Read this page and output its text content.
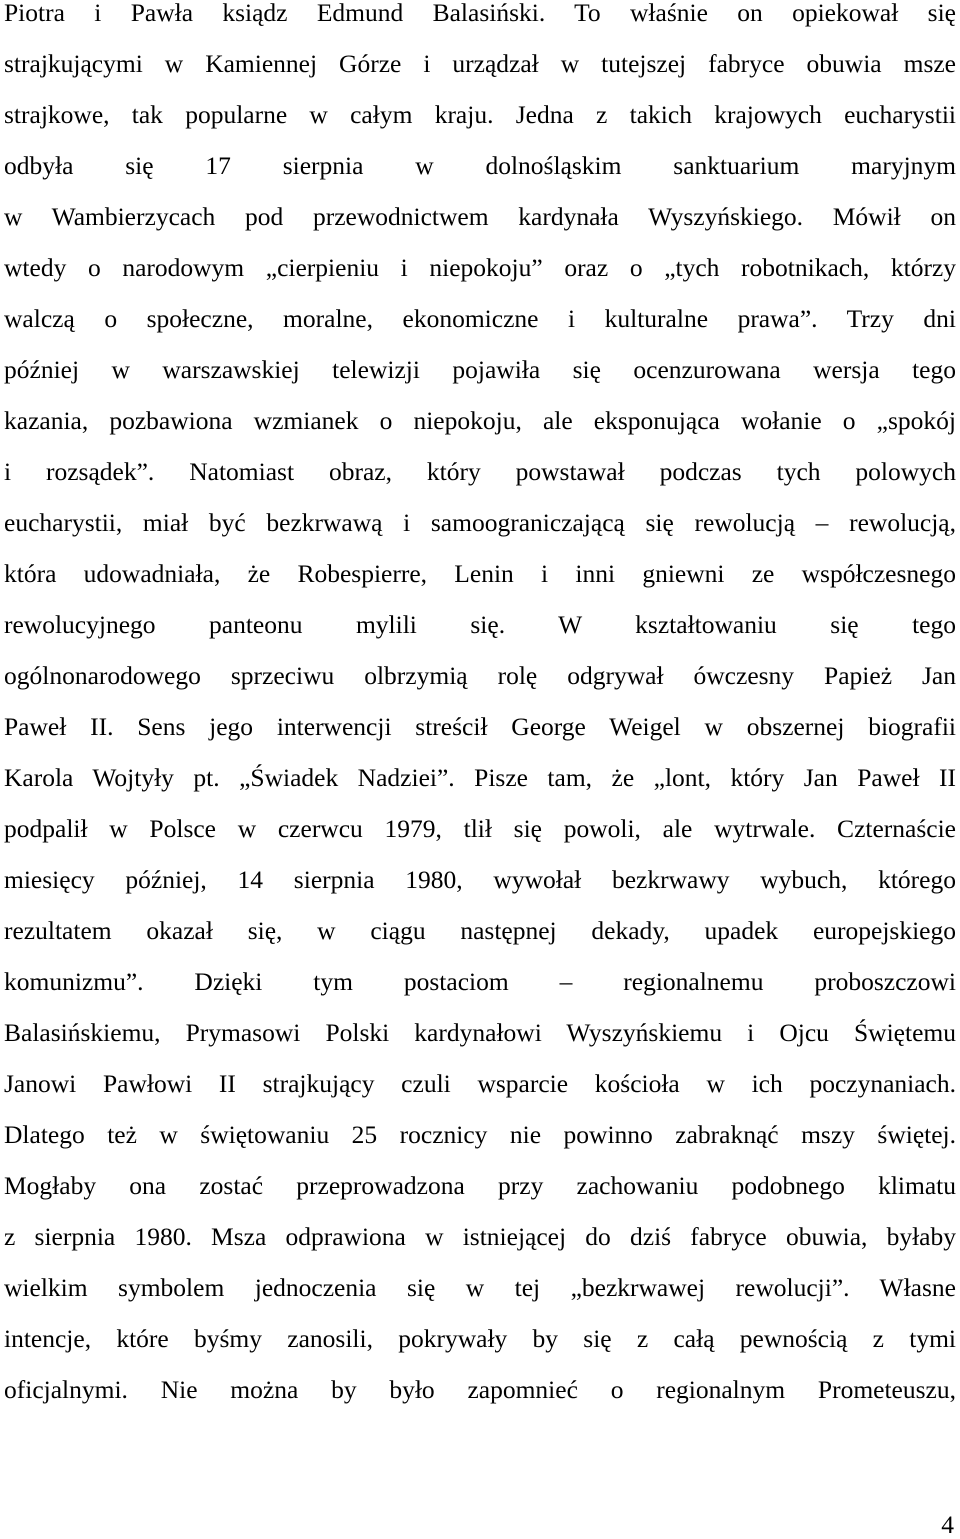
Piotra i Pawła ksiądz Edmund Balasiński. To właśnie on opiekował się
strajkującymi w Kamiennej Górze i urządzał w tutejszej fabryce obuwia msze
strajkowe, tak popularne w całym kraju. Jedna z takich krajowych eucharystii
odbyła się 17 sierpnia w dolnośląskim sanktuarium maryjnym
w Wambierzycach pod przewodnictwem kardynała Wyszyńskiego. Mówił on
wtedy o narodowym „cierpieniu i niepokoju” oraz o „tych robotnikach, którzy
walczą o społeczne, moralne, ekonomiczne i kulturalne prawa”. Trzy dni
później w warszawskiej telewizji pojawiła się ocenzurowana wersja tego
kazania, pozbawiona wzmianek o niepokoju, ale eksponująca wołanie o „spokój
i rozsądek”. Natomiast obraz, który powstawał podczas tych polowych
eucharystii, miał być bezkrwawą i samoograniczającą się rewolucją – rewolucją,
która udowadniała, że Robespierre, Lenin i inni gniewni ze współczesnego
rewolucyjnego panteonu mylili się. W kształtowaniu się tego
ogólnonarodowego sprzeciwu olbrzymią rolę odgrywał ówczesny Papież Jan
Paweł II. Sens jego interwencji streścił George Weigel w obszernej biografii
Karola Wojtyły pt. „Świadek Nadziei”. Pisze tam, że „lont, który Jan Paweł II
podpalił w Polsce w czerwcu 1979, tlił się powoli, ale wytrwale. Czternaście
miesięcy później, 14 sierpnia 1980, wywołał bezkrwawy wybuch, którego
rezultatem okazał się, w ciągu następnej dekady, upadek europejskiego
komunizmu”. Dzięki tym postaciom – regionalnemu proboszczowi
Balasińskiemu, Prymasowi Polski kardynałowi Wyszyńskiemu i Ojcu Świętemu
Janowi Pawłowi II strajkujący czuli wsparcie kościoła w ich poczynaniach.
Dlatego też w świętowaniu 25 rocznicy nie powinno zabraknąć mszy świętej.
Mogłaby ona zostać przeprowadzona przy zachowaniu podobnego klimatu
z sierpnia 1980. Msza odprawiona w istniejącej do dziś fabryce obuwia, byłaby
wielkim symbolem jednoczenia się w tej „bezkrwawej rewolucji”. Własne
intencje, które byśmy zanosili, pokrywały by się z całą pewnością z tymi
oficjalnymi. Nie można by było zapomnieć o regionalnym Prometeuszu,
4
